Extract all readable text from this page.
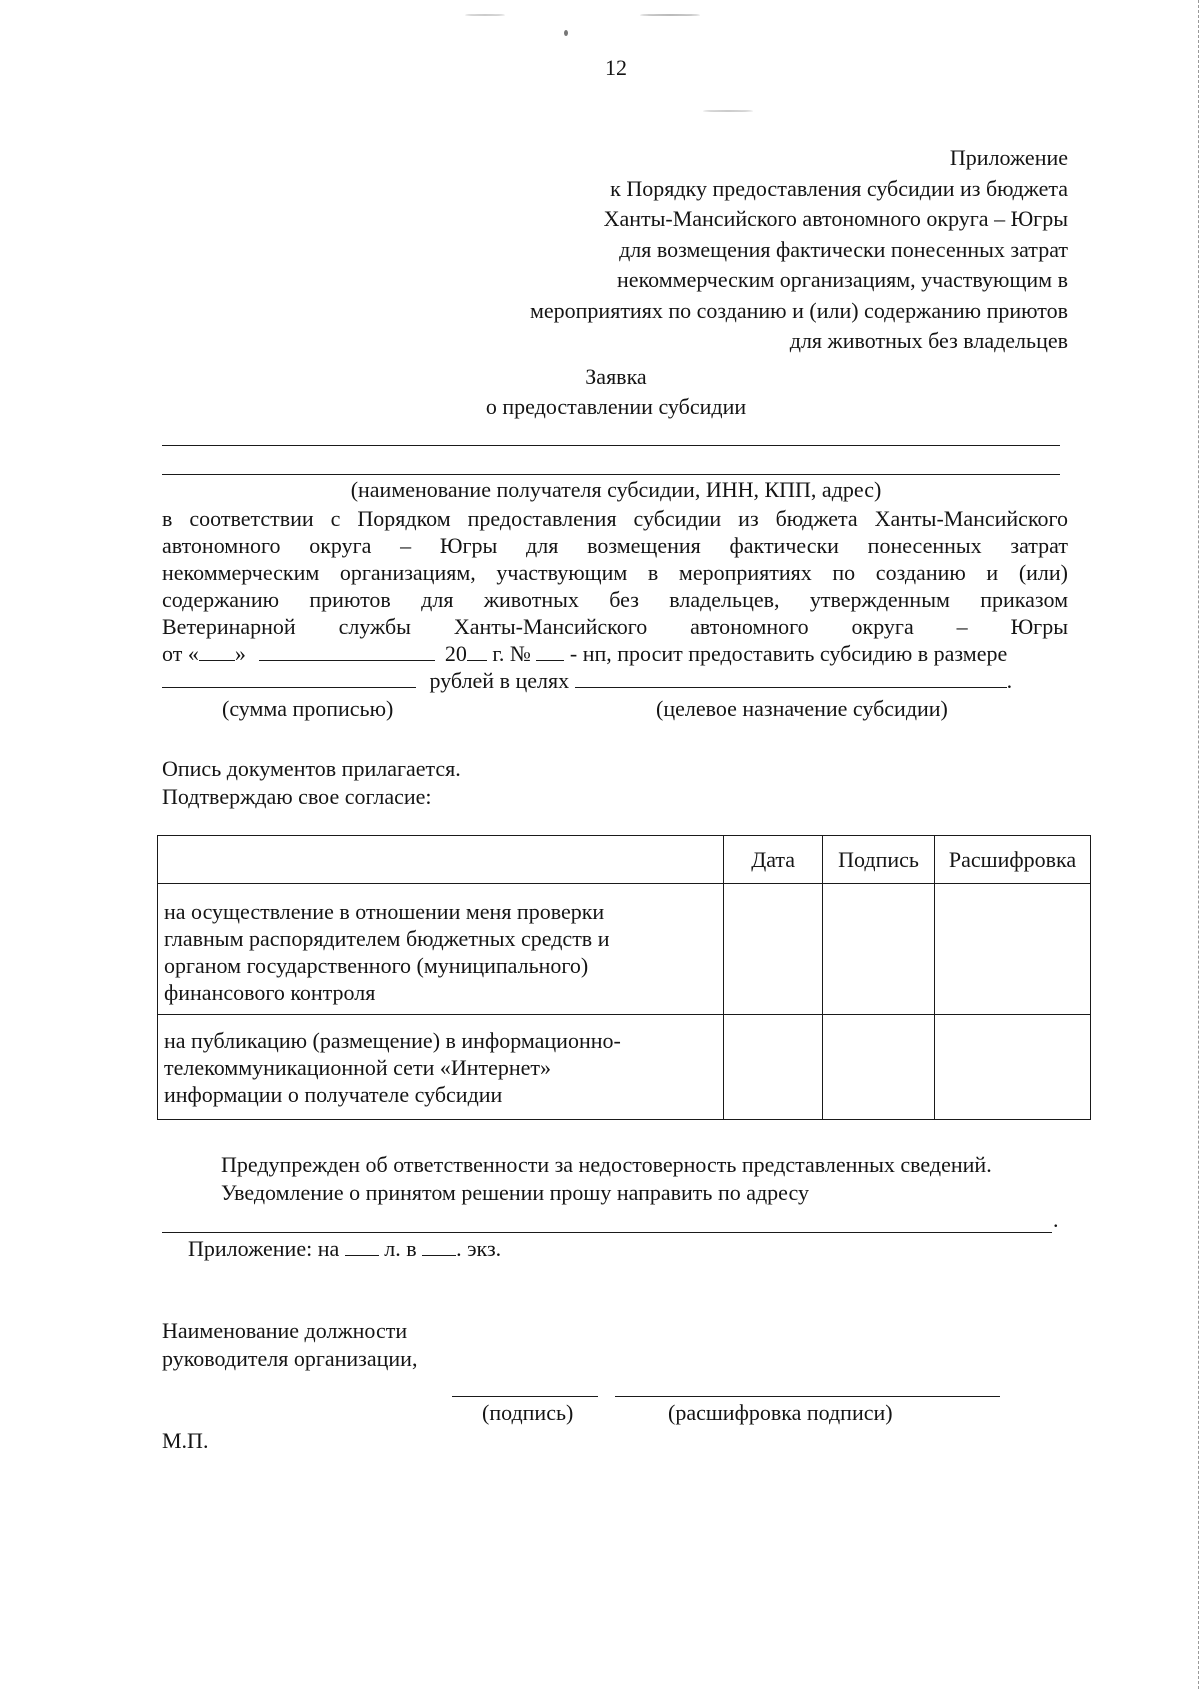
12
Приложение
к Порядку предоставления субсидии из бюджета
Ханты-Мансийского автономного округа – Югры
для возмещения фактически понесенных затрат
некоммерческим организациям, участвующим в
мероприятиях по созданию и (или) содержанию приютов
для животных без владельцев
Заявка
о предоставлении субсидии
(наименование получателя субсидии, ИНН, КПП, адрес)
в соответствии с Порядком предоставления субсидии из бюджета Ханты-Мансийского
автономного округа – Югры для возмещения фактически понесенных затрат
некоммерческим организациям, участвующим в мероприятиях по созданию и (или)
содержанию приютов для животных без владельцев, утвержденным приказом
Ветеринарной службы Ханты-Мансийского автономного округа – Югры
от « »	20 г. № - нп, просит предоставить субсидию в размере
рублей в целях	.
(сумма прописью)	(целевое назначение субсидии)
Опись документов прилагается.
Подтверждаю свое согласие:
	Дата	Подпись	Расшифровка

на осуществление в отношении меня проверки
главным распорядителем бюджетных средств и
органом государственного (муниципального)
финансового контроля			

на публикацию (размещение) в информационно-
телекоммуникационной сети «Интернет»
информации о получателе субсидии			

Предупрежден об ответственности за недостоверность представленных сведений.
Уведомление о принятом решении прошу направить по адресу
.
Приложение: на л. в . экз.
Наименование должности
руководителя организации,
(подпись)	(расшифровка подписи)
М.П.
